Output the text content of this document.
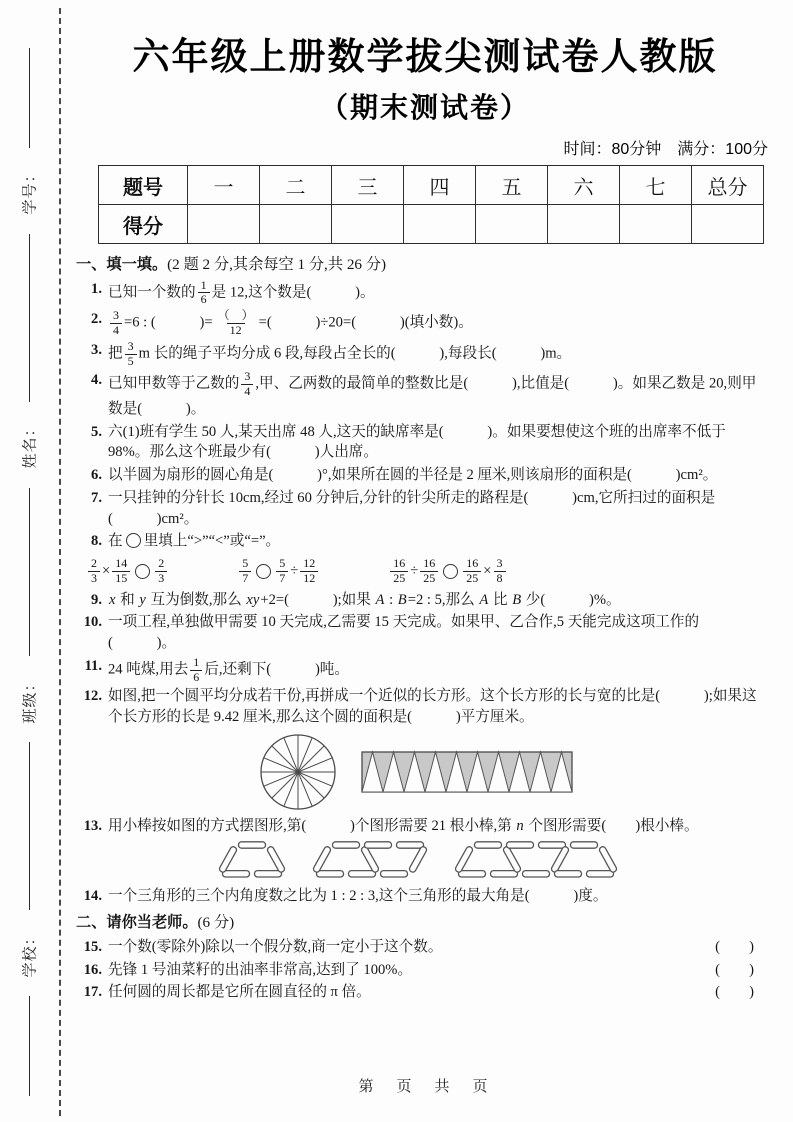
学号：
姓名：
班级：
学校：
六年级上册数学拔尖测试卷人教版
（期末测试卷）
时间：80分钟　满分：100分
题号	一	二	三	四	五	六	七	总分
得分								
一、填一填。(2 题 2 分,其余每空 1 分,共 26 分)
1. 已知一个数的 $\frac{1}{6}$ 是 12,这个数是(　　　)。
2. $\frac{3}{4} =6$ : (　　　)= $\frac{( )}{12}$ =(　　　)÷20=(　　　)(填小数)。
3. 把 $\frac{3}{5}$ m 长的绳子平均分成 6 段,每段占全长的(　　　),每段长(　　　)m。
4. 已知甲数等于乙数的 $\frac{3}{4}$ ,甲、乙两数的最简单的整数比是(　　　),比值是(　　　)。如果乙数是 20,则甲数是(　　　)。
5. 六(1)班有学生 50 人,某天出席 48 人,这天的缺席率是(　　　)。如果要想使这个班的出席率不低于 98%。那么这个班最少有(　　　)人出席。
6. 以半圆为扇形的圆心角是(　　　)°,如果所在圆的半径是 2 厘米,则该扇形的面积是(　　　)cm²。
7. 一只挂钟的分针长 10cm,经过 60 分钟后,分针的针尖所走的路程是(　　　)cm,它所扫过的面积是(　　　)cm²。
8. 在 里填上“>”“<”或“=”。
$\frac{2}{3} \times \frac{14}{15} \frac{2}{3}$	$\frac{5}{7} \frac{5}{7} \div \frac{12}{12}$	$\frac{16}{25} \div \frac{16}{25} \frac{16}{25} \times \frac{3}{8}$
9. x 和 y 互为倒数,那么 xy+2=(　　　);如果 A : B=2 : 5,那么 A 比 B 少(　　　)%。
10. 一项工程,单独做甲需要 10 天完成,乙需要 15 天完成。如果甲、乙合作,5 天能完成这项工作的(　　　)。
11. 24 吨煤,用去 $\frac{1}{6}$ 后,还剩下(　　　)吨。
12. 如图,把一个圆平均分成若干份,再拼成一个近似的长方形。这个长方形的长与宽的比是(　　　);如果这个长方形的长是 9.42 厘米,那么这个圆的面积是(　　　)平方厘米。
13. 用小棒按如图的方式摆图形,第(　　　)个图形需要 21 根小棒,第 n 个图形需要(　　)根小棒。
14. 一个三角形的三个内角度数之比为 1 : 2 : 3,这个三角形的最大角是(　　　)度。
二、请你当老师。(6 分)
15. 一个数(零除外)除以一个假分数,商一定小于这个数。	(　　)
16. 先锋 1 号油菜籽的出油率非常高,达到了 100%。	(　　)
17. 任何圆的周长都是它所在圆直径的 π 倍。	(　　)
第　页　共　页
